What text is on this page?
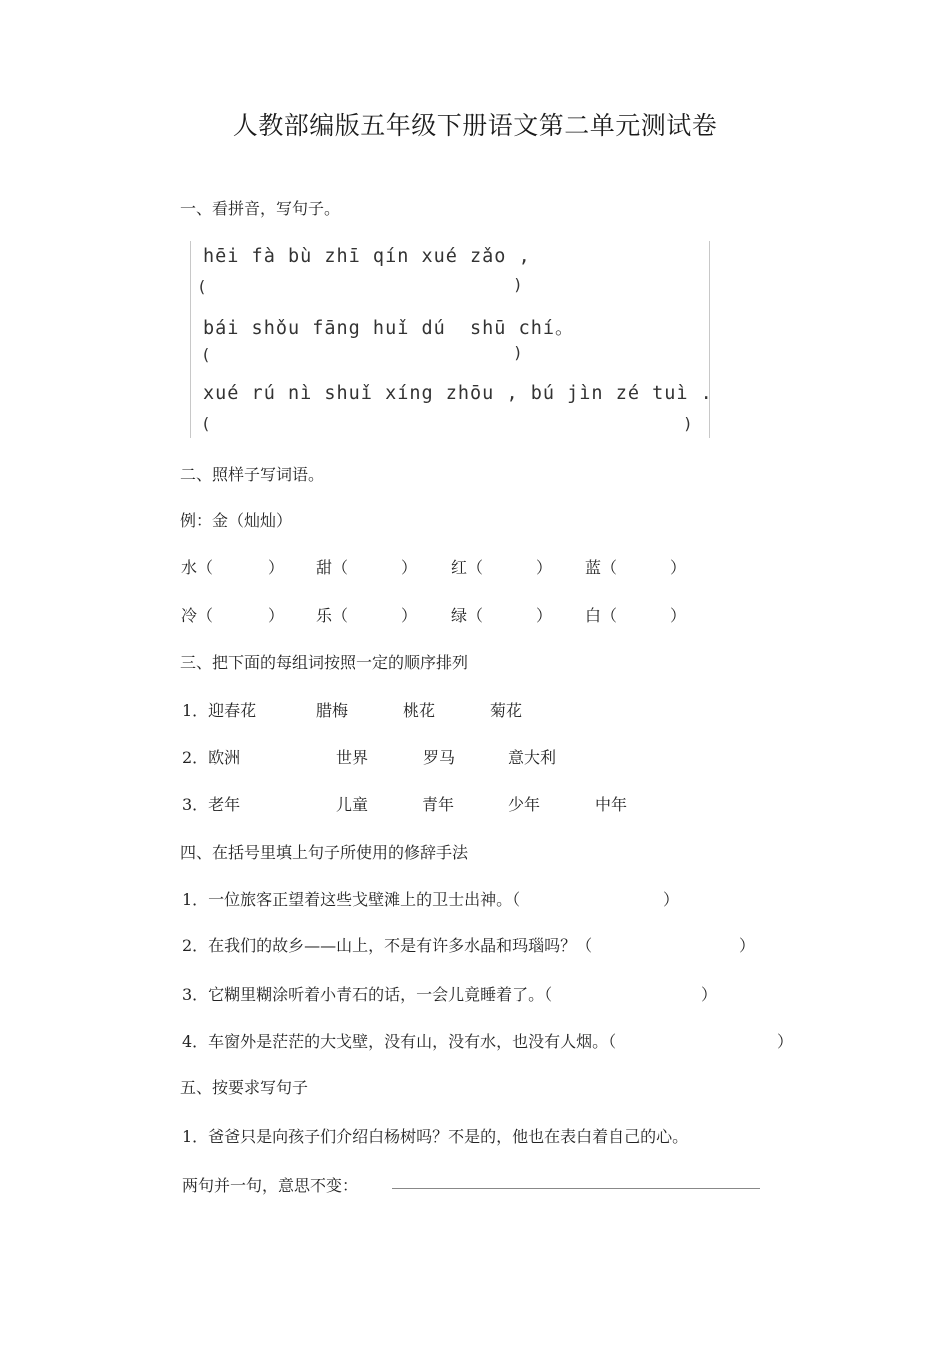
人教部编版五年级下册语文第二单元测试卷
一、看拼音，写句子。
hēi fà bù zhī qín xué zǎo ,
(	)
bái shǒu fāng huǐ dú  shū chí。
(	)
xué rú nì shuǐ xíng zhōu , bú jìn zé tuì .
(	)
二、照样子写词语。
例：金（灿灿）
水（	） 甜（	） 红（	） 蓝（	）
冷（	） 乐（	） 绿（	） 白（	）
三、把下面的每组词按照一定的顺序排列
1．迎春花	腊梅	桃花	菊花
2．欧洲	世界	罗马	意大利
3．老年	儿童	青年	少年	中年
四、在括号里填上句子所使用的修辞手法
1．一位旅客正望着这些戈壁滩上的卫士出神。（	）
2．在我们的故乡——山上，不是有许多水晶和玛瑙吗？（	）
3．它糊里糊涂听着小青石的话，一会儿竟睡着了。（	）
4．车窗外是茫茫的大戈壁，没有山，没有水，也没有人烟。（	）
五、按要求写句子
1．爸爸只是向孩子们介绍白杨树吗？不是的，他也在表白着自己的心。
两句并一句，意思不变：
